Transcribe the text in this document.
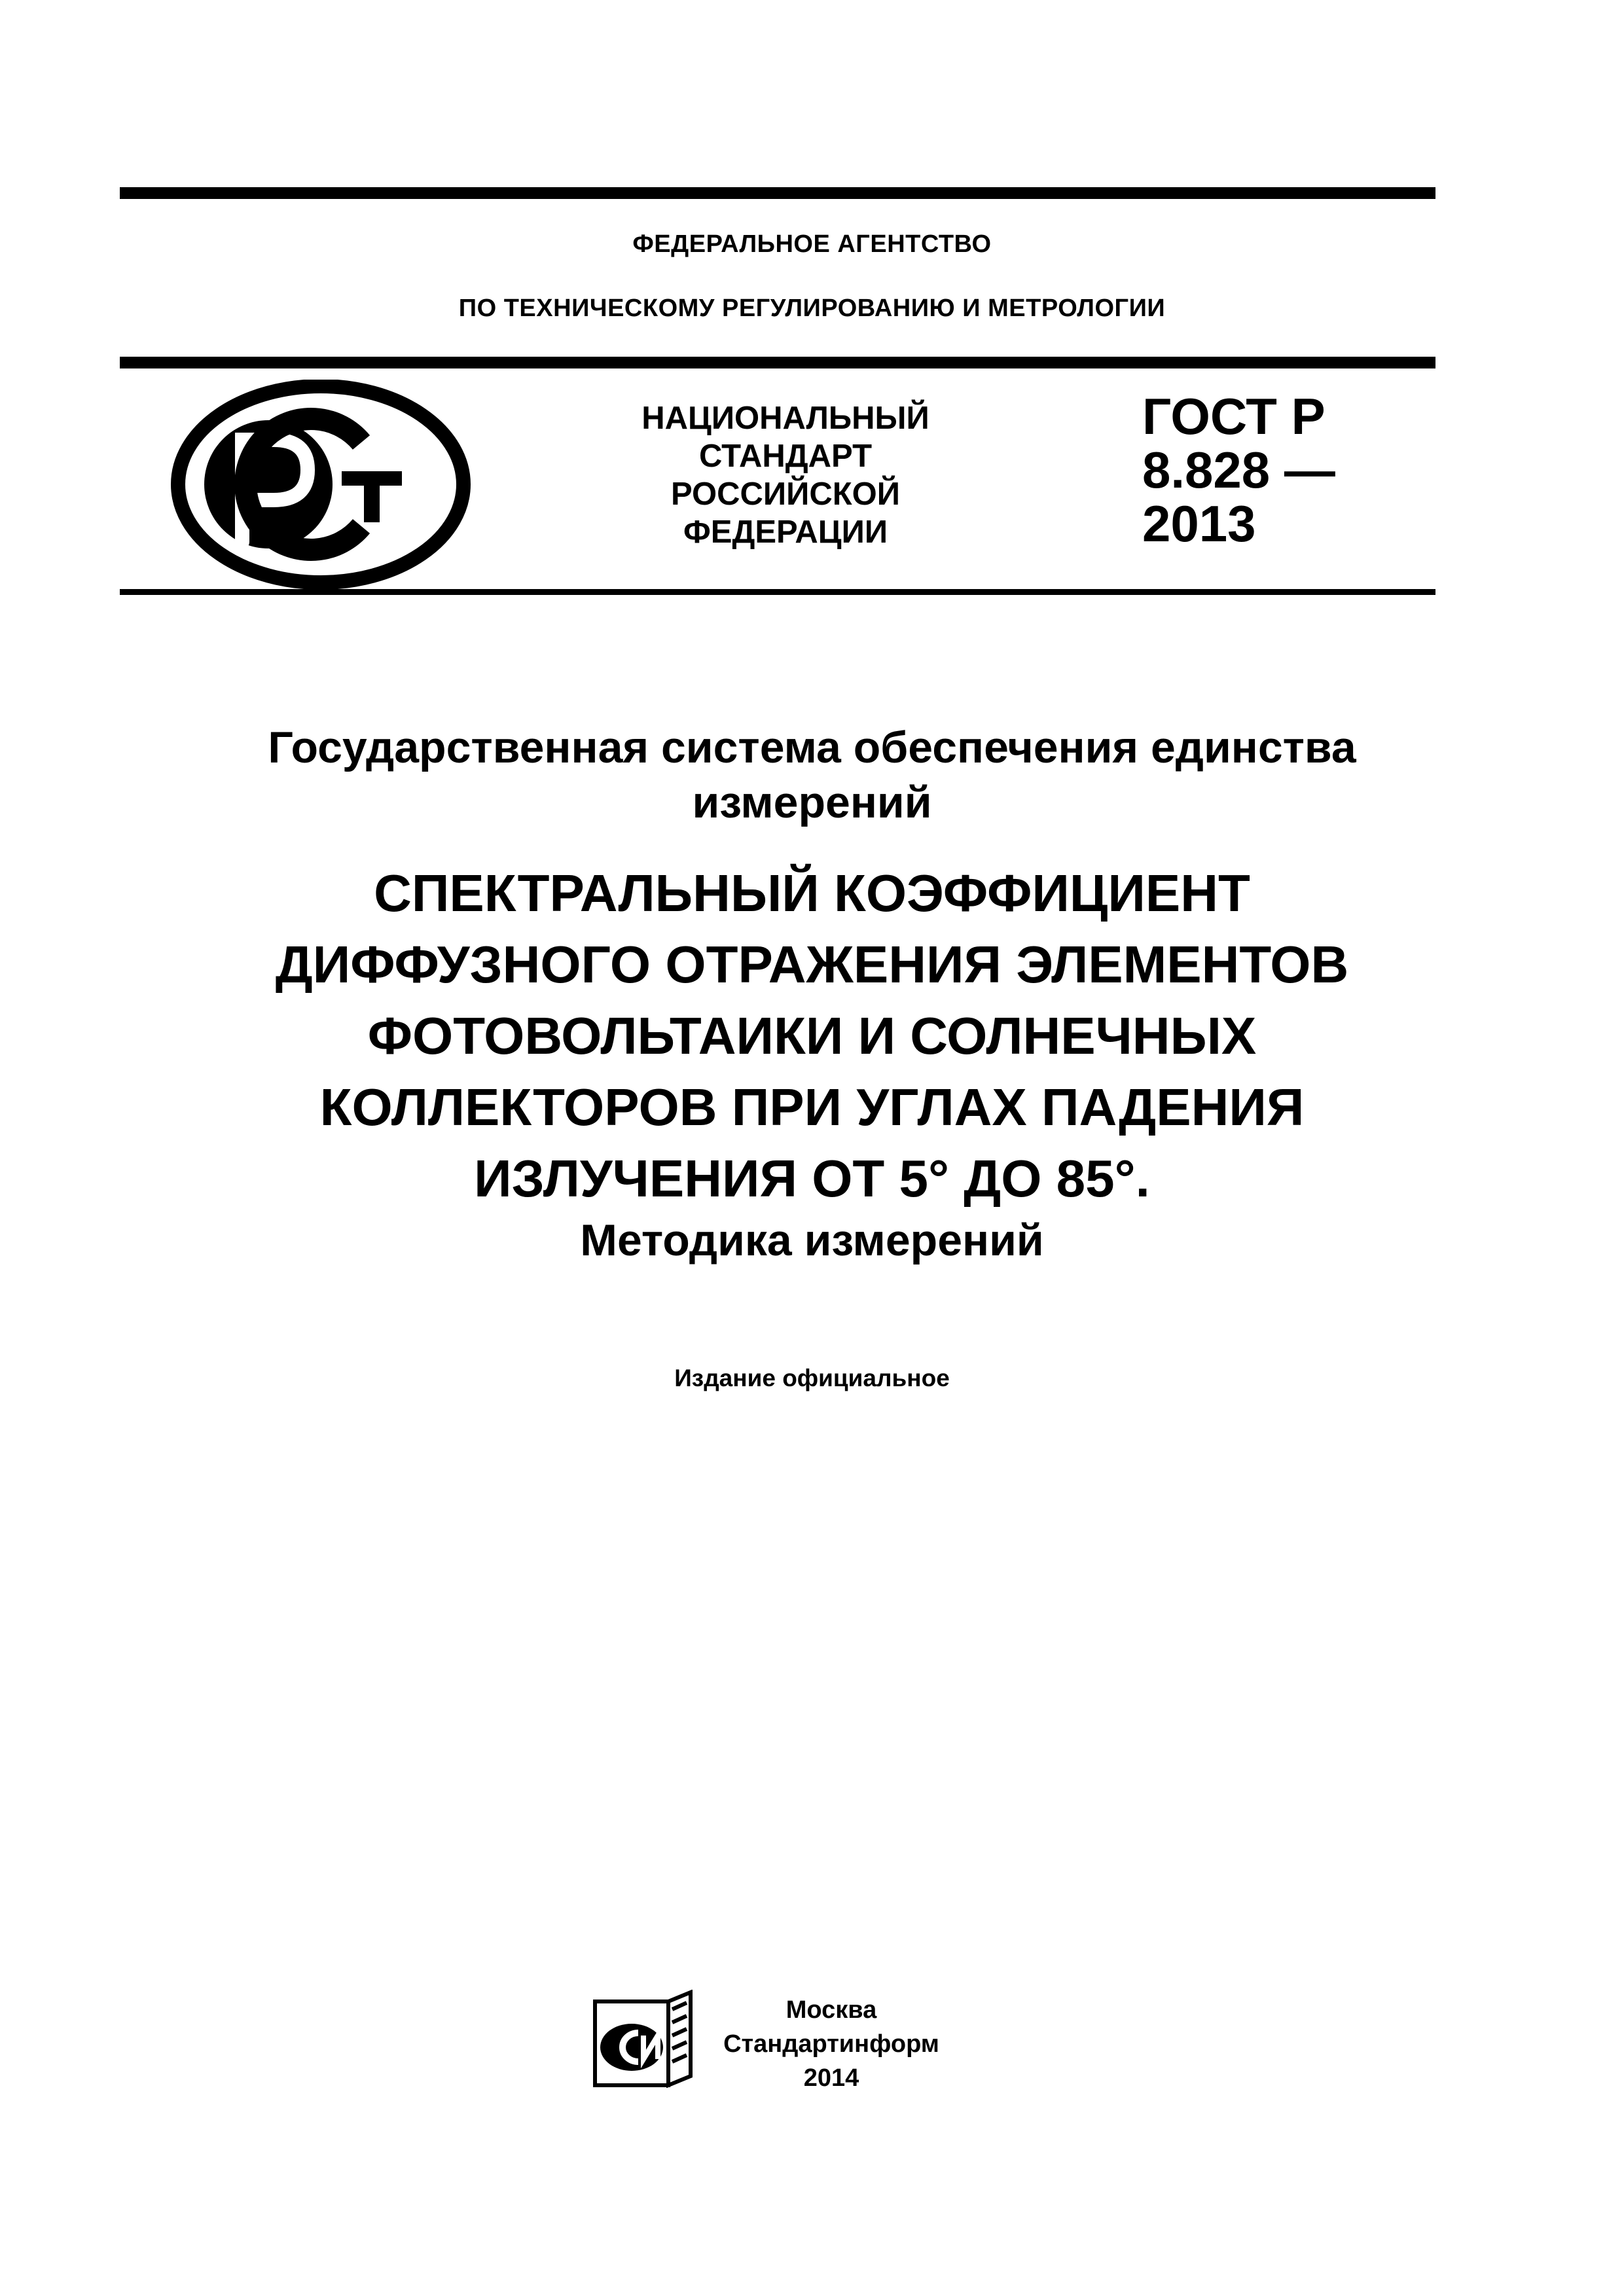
ФЕДЕРАЛЬНОЕ АГЕНТСТВО
ПО ТЕХНИЧЕСКОМУ РЕГУЛИРОВАНИЮ И МЕТРОЛОГИИ
НАЦИОНАЛЬНЫЙ
СТАНДАРТ
РОССИЙСКОЙ
ФЕДЕРАЦИИ
ГОСТ Р
8.828 —
2013
Государственная система обеспечения единства
измерений
СПЕКТРАЛЬНЫЙ КОЭФФИЦИЕНТ
ДИФФУЗНОГО ОТРАЖЕНИЯ ЭЛЕМЕНТОВ
ФОТОВОЛЬТАИКИ И СОЛНЕЧНЫХ
КОЛЛЕКТОРОВ ПРИ УГЛАХ ПАДЕНИЯ
ИЗЛУЧЕНИЯ ОТ 5° ДО 85°.
Методика измерений
Издание официальное
Москва
Стандартинформ
2014
